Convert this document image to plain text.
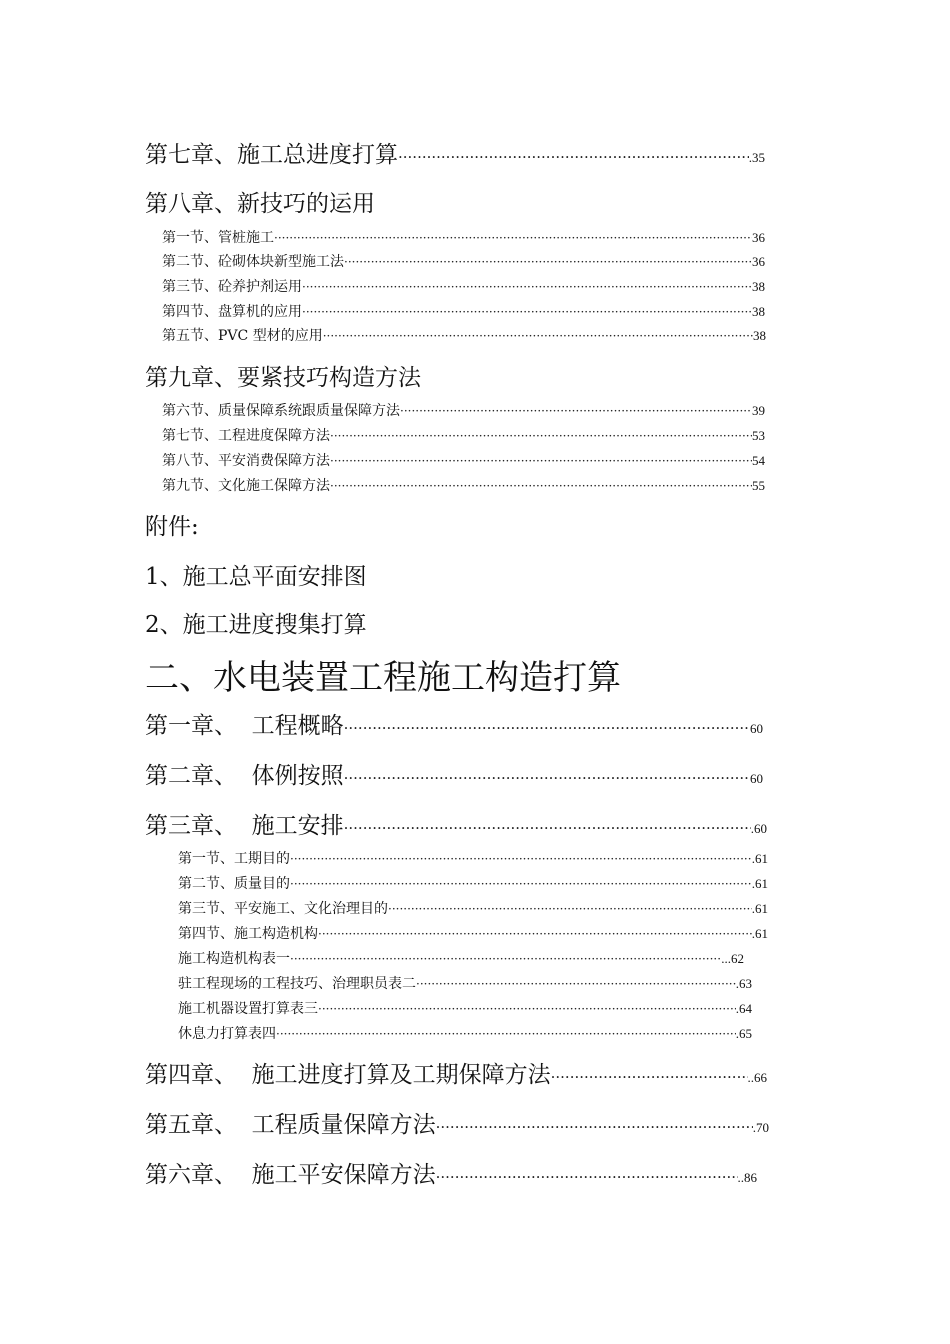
第七章、施工总进度打算 ·····	.35
第八章、新技巧的运用
第一节、管桩施工 ·····	36
第二节、砼砌体块新型施工法 ·····	36
第三节、砼养护剂运用 ·····	38
第四节、盘算机的应用 ·····	38
第五节、PVC 型材的应用 ·····	38
第九章、要紧技巧构造方法
第六节、质量保障系统跟质量保障方法 ·····	39
第七节、工程进度保障方法 ·····	53
第八节、平安消费保障方法 ·····	54
第九节、文化施工保障方法 ·····	55
附件:
1、施工总平面安排图
2、施工进度搜集打算
二、水电装置工程施工构造打算
第一章、  工程概略 ·····	60
第二章、  体例按照 ·····	60
第三章、  施工安排 ·····	.60
第一节、工期目的 ·····	.61
第二节、质量目的 ·····	.61
第三节、平安施工、文化治理目的 ·····	.61
第四节、施工构造机构 ·····	.61
施工构造机构表一 ·····	...62
驻工程现场的工程技巧、治理职员表二 ·····	.63
施工机器设置打算表三 ·····	.64
休息力打算表四 ·····	.65
第四章、  施工进度打算及工期保障方法 ·····	..66
第五章、  工程质量保障方法 ·····	.70
第六章、  施工平安保障方法 ·····	..86
